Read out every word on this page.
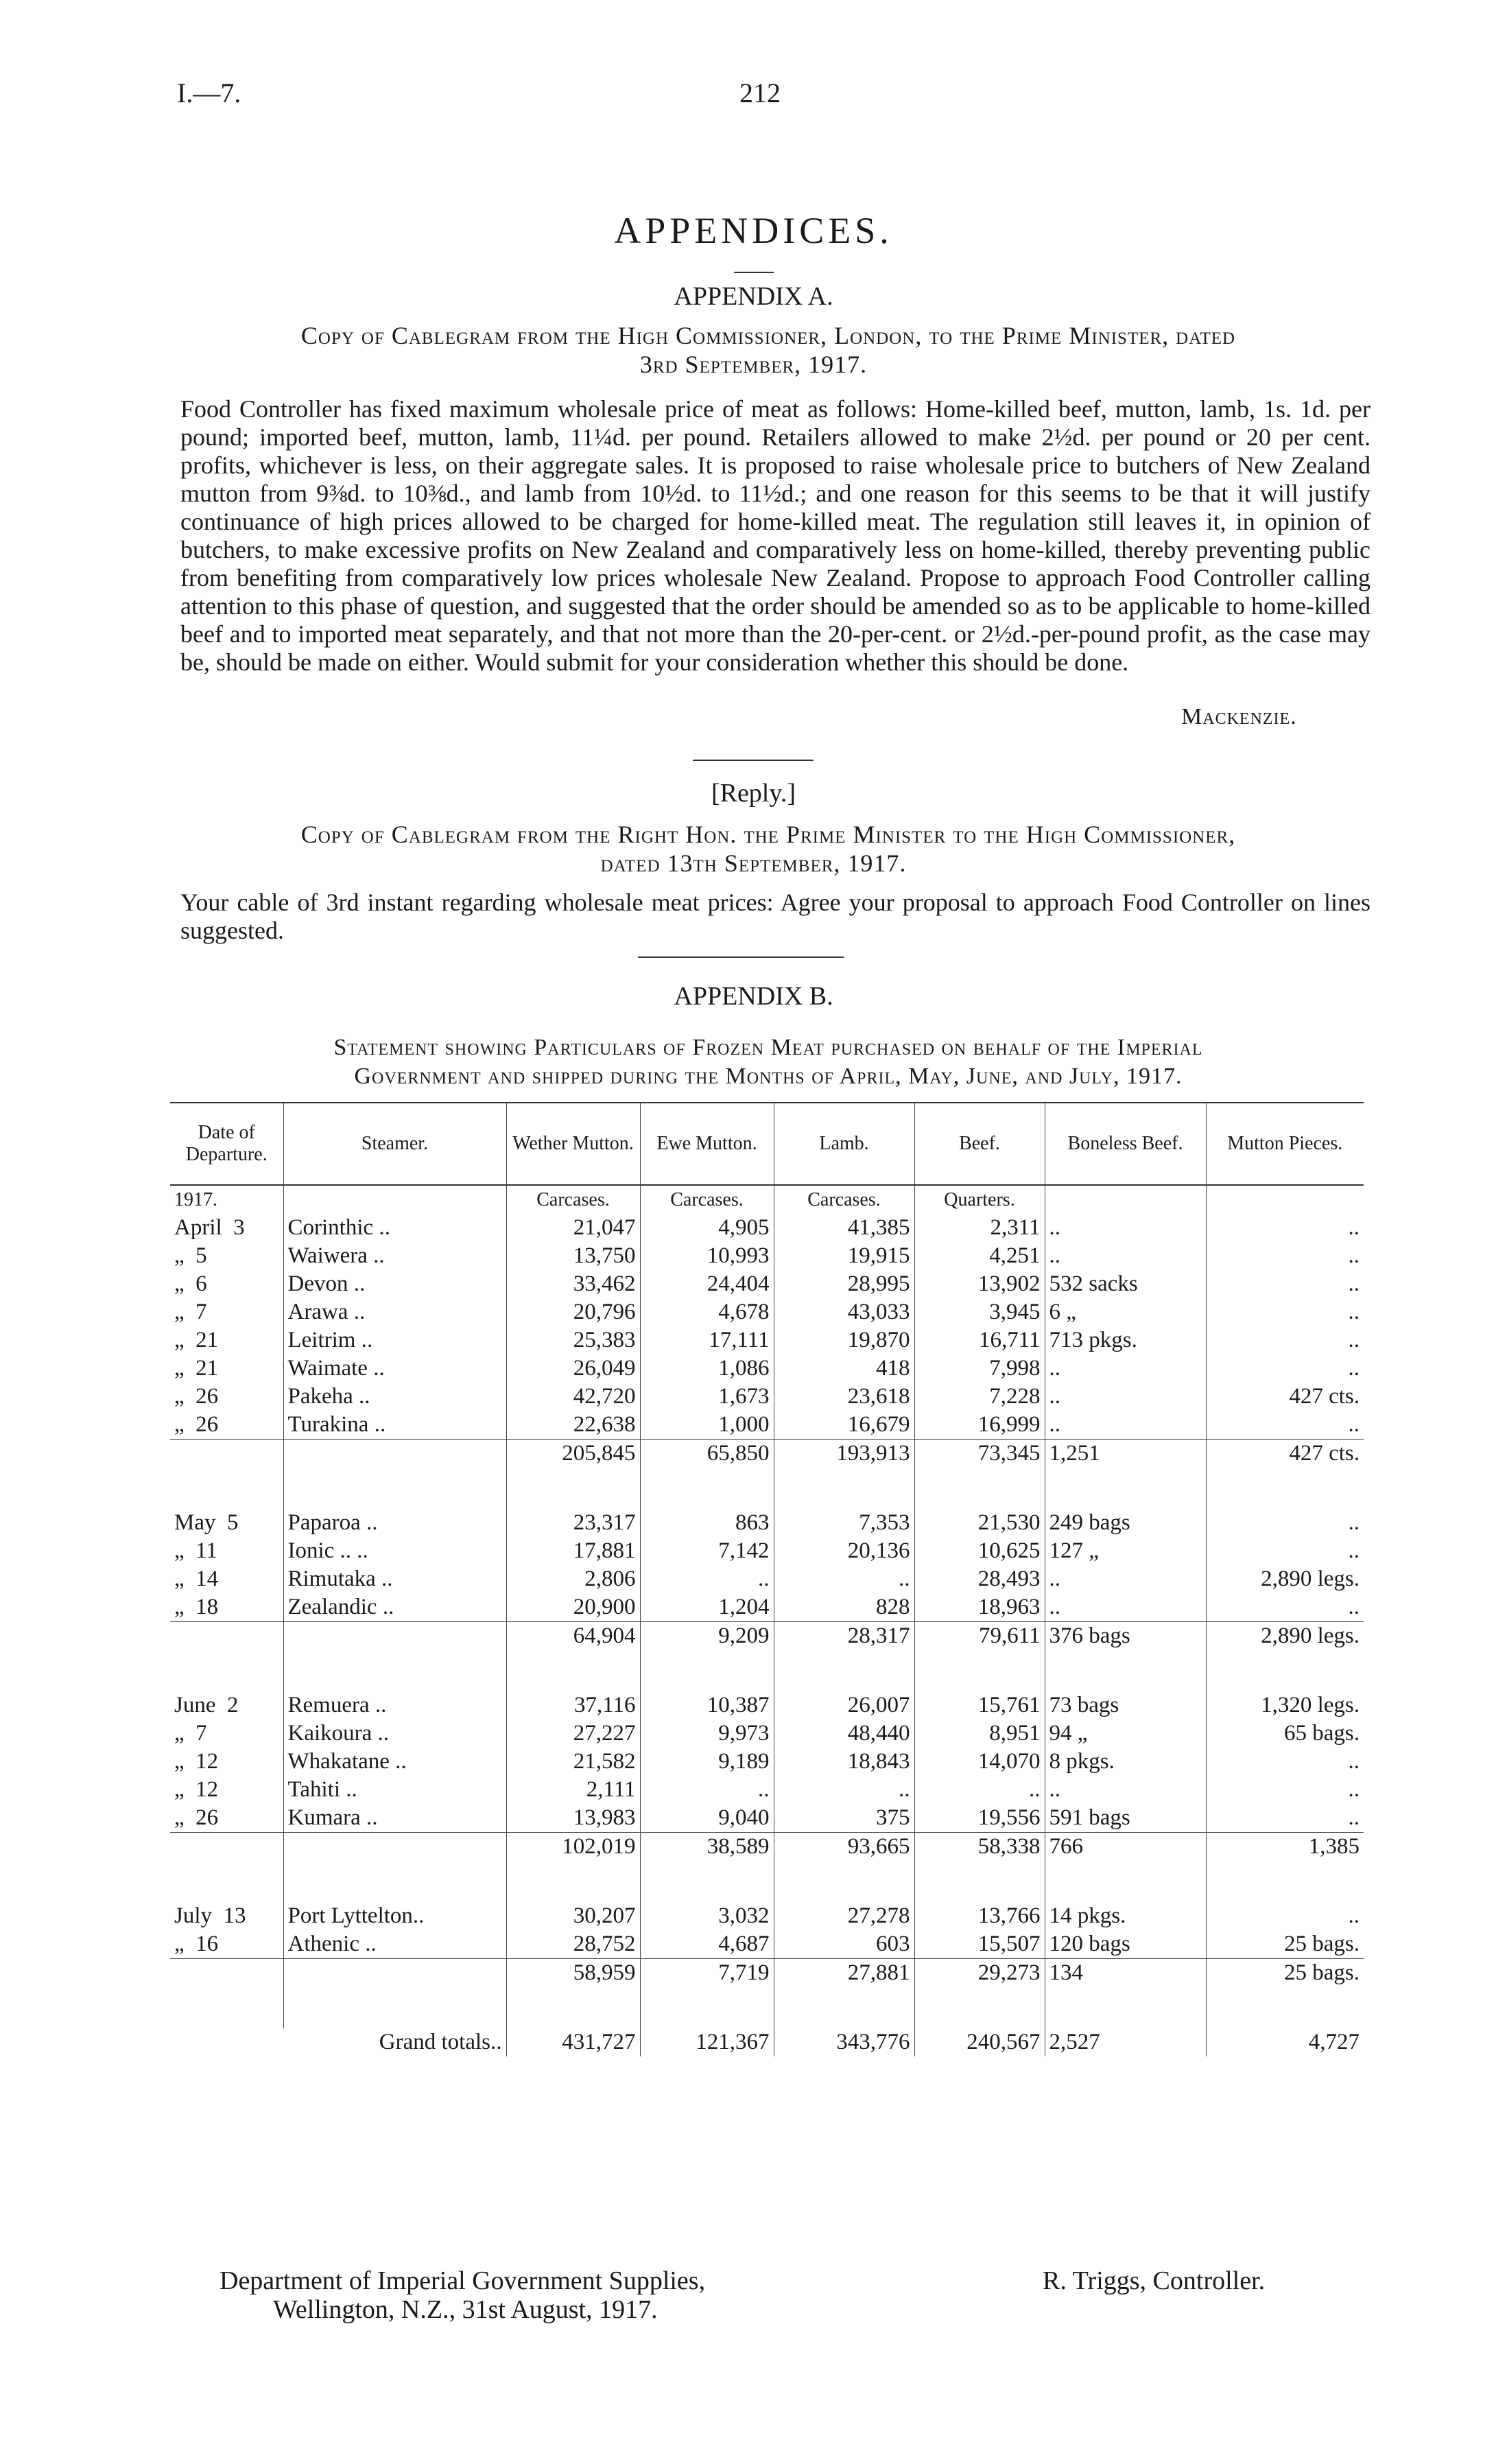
I.—7.	212
APPENDICES.
APPENDIX A.
Copy of Cablegram from the High Commissioner, London, to the Prime Minister, dated
3rd September, 1917.
Food Controller has fixed maximum wholesale price of meat as follows: Home-killed beef, mutton, lamb, 1s. 1d. per pound; imported beef, mutton, lamb, 11¼d. per pound. Retailers allowed to make 2½d. per pound or 20 per cent. profits, whichever is less, on their aggregate sales. It is proposed to raise wholesale price to butchers of New Zealand mutton from 9⅜d. to 10⅜d., and lamb from 10½d. to 11½d.; and one reason for this seems to be that it will justify continuance of high prices allowed to be charged for home-killed meat. The regulation still leaves it, in opinion of butchers, to make excessive profits on New Zealand and comparatively less on home-killed, thereby preventing public from benefiting from comparatively low prices wholesale New Zealand. Propose to approach Food Controller calling attention to this phase of question, and suggested that the order should be amended so as to be applicable to home-killed beef and to imported meat separately, and that not more than the 20-per-cent. or 2½d.-per-pound profit, as the case may be, should be made on either. Would submit for your consideration whether this should be done.
Mackenzie.
[Reply.]
Copy of Cablegram from the Right Hon. the Prime Minister to the High Commissioner,
dated 13th September, 1917.
Your cable of 3rd instant regarding wholesale meat prices: Agree your proposal to approach Food Controller on lines suggested.
APPENDIX B.
Statement showing Particulars of Frozen Meat purchased on behalf of the Imperial
Government and shipped during the Months of April, May, June, and July, 1917.
Date of Departure.	Steamer.	Wether Mutton.	Ewe Mutton.	Lamb.	Beef.	Boneless Beef.	Mutton Pieces.
1917.		Carcases.	Carcases.	Carcases.	Quarters.		
April  3	Corinthic ..	21,047	4,905	41,385	2,311	..	..
„  5	Waiwera ..	13,750	10,993	19,915	4,251	..	..
„  6	Devon ..	33,462	24,404	28,995	13,902	532 sacks	..
„  7	Arawa ..	20,796	4,678	43,033	3,945	6 „	..
„  21	Leitrim ..	25,383	17,111	19,870	16,711	713 pkgs.	..
„  21	Waimate ..	26,049	1,086	418	7,998	..	..
„  26	Pakeha ..	42,720	1,673	23,618	7,228	..	427 cts.
„  26	Turakina ..	22,638	1,000	16,679	16,999	..	..
		205,845	65,850	193,913	73,345	1,251	427 cts.

May  5	Paparoa ..	23,317	863	7,353	21,530	249 bags	..
„  11	Ionic .. ..	17,881	7,142	20,136	10,625	127 „	..
„  14	Rimutaka ..	2,806	..	..	28,493	..	2,890 legs.
„  18	Zealandic ..	20,900	1,204	828	18,963	..	..
		64,904	9,209	28,317	79,611	376 bags	2,890 legs.

June  2	Remuera ..	37,116	10,387	26,007	15,761	73 bags	1,320 legs.
„  7	Kaikoura ..	27,227	9,973	48,440	8,951	94 „	65 bags.
„  12	Whakatane ..	21,582	9,189	18,843	14,070	8 pkgs.	..
„  12	Tahiti ..	2,111	..	..	..	..	..
„  26	Kumara ..	13,983	9,040	375	19,556	591 bags	..
		102,019	38,589	93,665	58,338	766	1,385

July  13	Port Lyttelton..	30,207	3,032	27,278	13,766	14 pkgs.	..
„  16	Athenic ..	28,752	4,687	603	15,507	120 bags	25 bags.
		58,959	7,719	27,881	29,273	134	25 bags.

Grand totals..		431,727	121,367	343,776	240,567	2,527	4,727
Department of Imperial Government Supplies,
Wellington, N.Z., 31st August, 1917.
R. Triggs, Controller.
